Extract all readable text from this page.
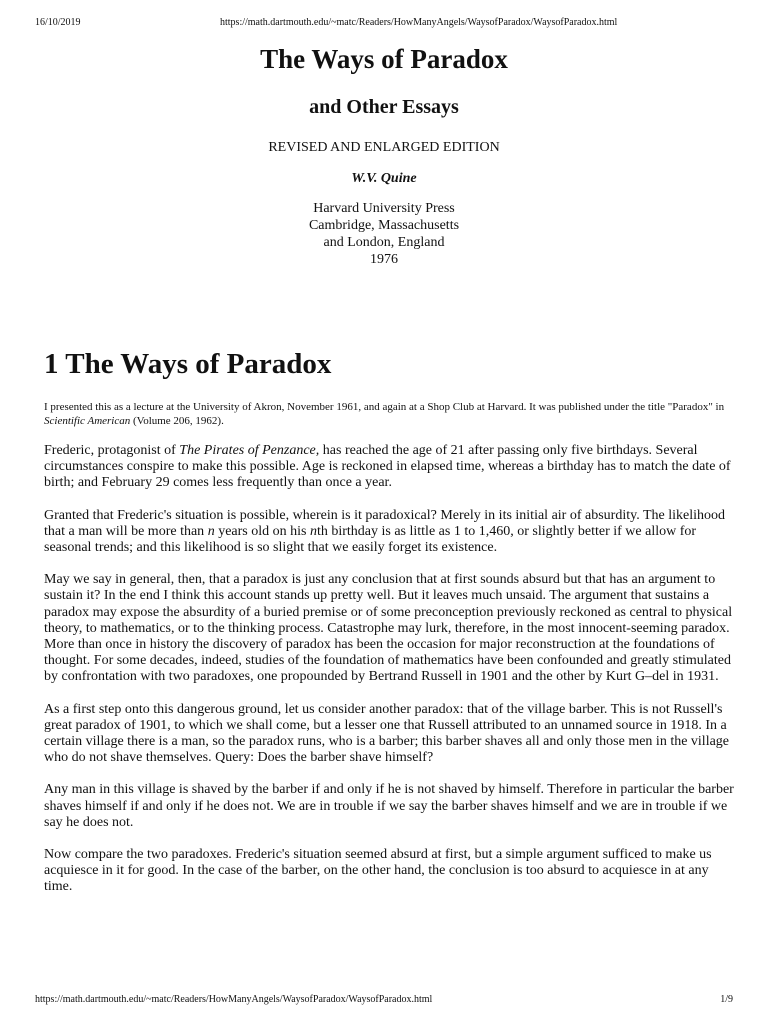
16/10/2019	https://math.dartmouth.edu/~matc/Readers/HowManyAngels/WaysofParadox/WaysofParadox.html
The Ways of Paradox
and Other Essays
REVISED AND ENLARGED EDITION
W.V. Quine
Harvard University Press
Cambridge, Massachusetts
and London, England
1976
1 The Ways of Paradox

I presented this as a lecture at the University of Akron, November 1961, and again at a Shop Club at Harvard. It was published under the title "Paradox" in Scientific American (Volume 206, 1962).

Frederic, protagonist of The Pirates of Penzance, has reached the age of 21 after passing only five birthdays. Several circumstances conspire to make this possible. Age is reckoned in elapsed time, whereas a birthday has to match the date of birth; and February 29 comes less frequently than once a year.

Granted that Frederic's situation is possible, wherein is it paradoxical? Merely in its initial air of absurdity. The likelihood that a man will be more than n years old on his nth birthday is as little as 1 to 1,460, or slightly better if we allow for seasonal trends; and this likelihood is so slight that we easily forget its existence.

May we say in general, then, that a paradox is just any conclusion that at first sounds absurd but that has an argument to sustain it? In the end I think this account stands up pretty well. But it leaves much unsaid. The argument that sustains a paradox may expose the absurdity of a buried premise or of some preconception previously reckoned as central to physical theory, to mathematics, or to the thinking process. Catastrophe may lurk, therefore, in the most innocent-seeming paradox. More than once in history the discovery of paradox has been the occasion for major reconstruction at the foundations of thought. For some decades, indeed, studies of the foundation of mathematics have been confounded and greatly stimulated by confrontation with two paradoxes, one propounded by Bertrand Russell in 1901 and the other by Kurt G–del in 1931.

As a first step onto this dangerous ground, let us consider another paradox: that of the village barber. This is not Russell's great paradox of 1901, to which we shall come, but a lesser one that Russell attributed to an unnamed source in 1918. In a certain village there is a man, so the paradox runs, who is a barber; this barber shaves all and only those men in the village who do not shave themselves. Query: Does the barber shave himself?

Any man in this village is shaved by the barber if and only if he is not shaved by himself. Therefore in particular the barber shaves himself if and only if he does not. We are in trouble if we say the barber shaves himself and we are in trouble if we say he does not.

Now compare the two paradoxes. Frederic's situation seemed absurd at first, but a simple argument sufficed to make us acquiesce in it for good. In the case of the barber, on the other hand, the conclusion is too absurd to acquiesce in at any time.

https://math.dartmouth.edu/~matc/Readers/HowManyAngels/WaysofParadox/WaysofParadox.html	1/9
